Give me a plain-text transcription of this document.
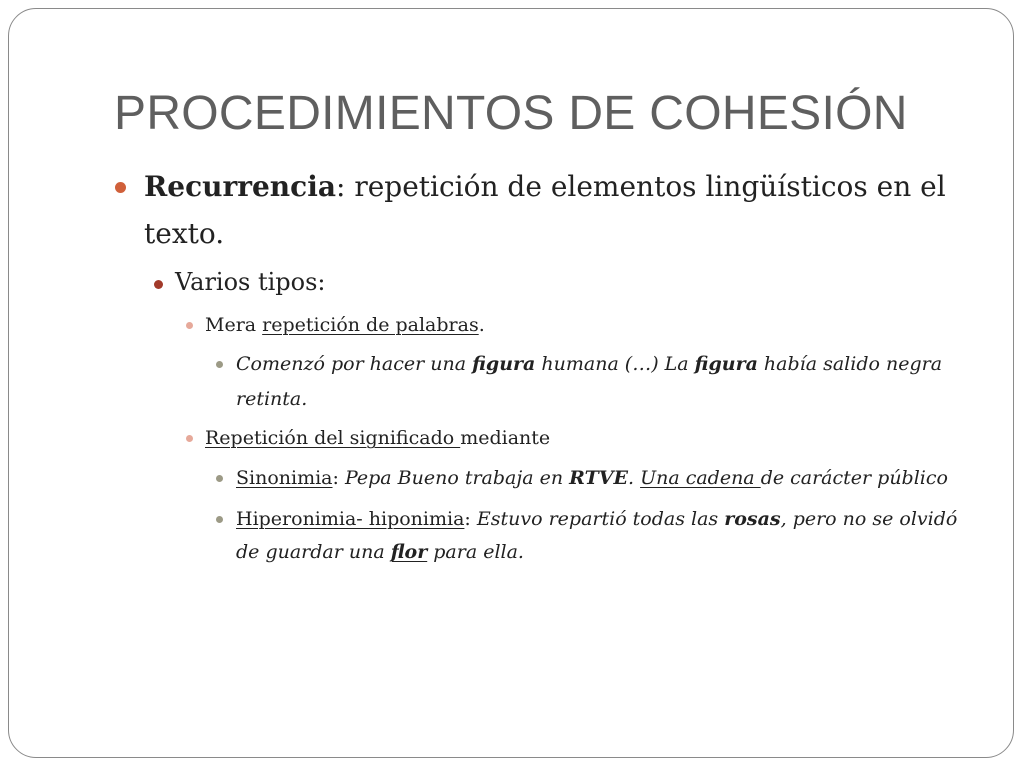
PROCEDIMIENTOS DE COHESIÓN
Recurrencia: repetición de elementos lingüísticos en el
texto.
Varios tipos:
Mera repetición de palabras.
Comenzó por hacer una figura humana (…) La figura había salido negra
retinta.
Repetición del significado mediante
Sinonimia: Pepa Bueno trabaja en RTVE. Una cadena de carácter público
Hiperonimia- hiponimia: Estuvo repartió todas las rosas, pero no se olvidó
de guardar una flor para ella.
